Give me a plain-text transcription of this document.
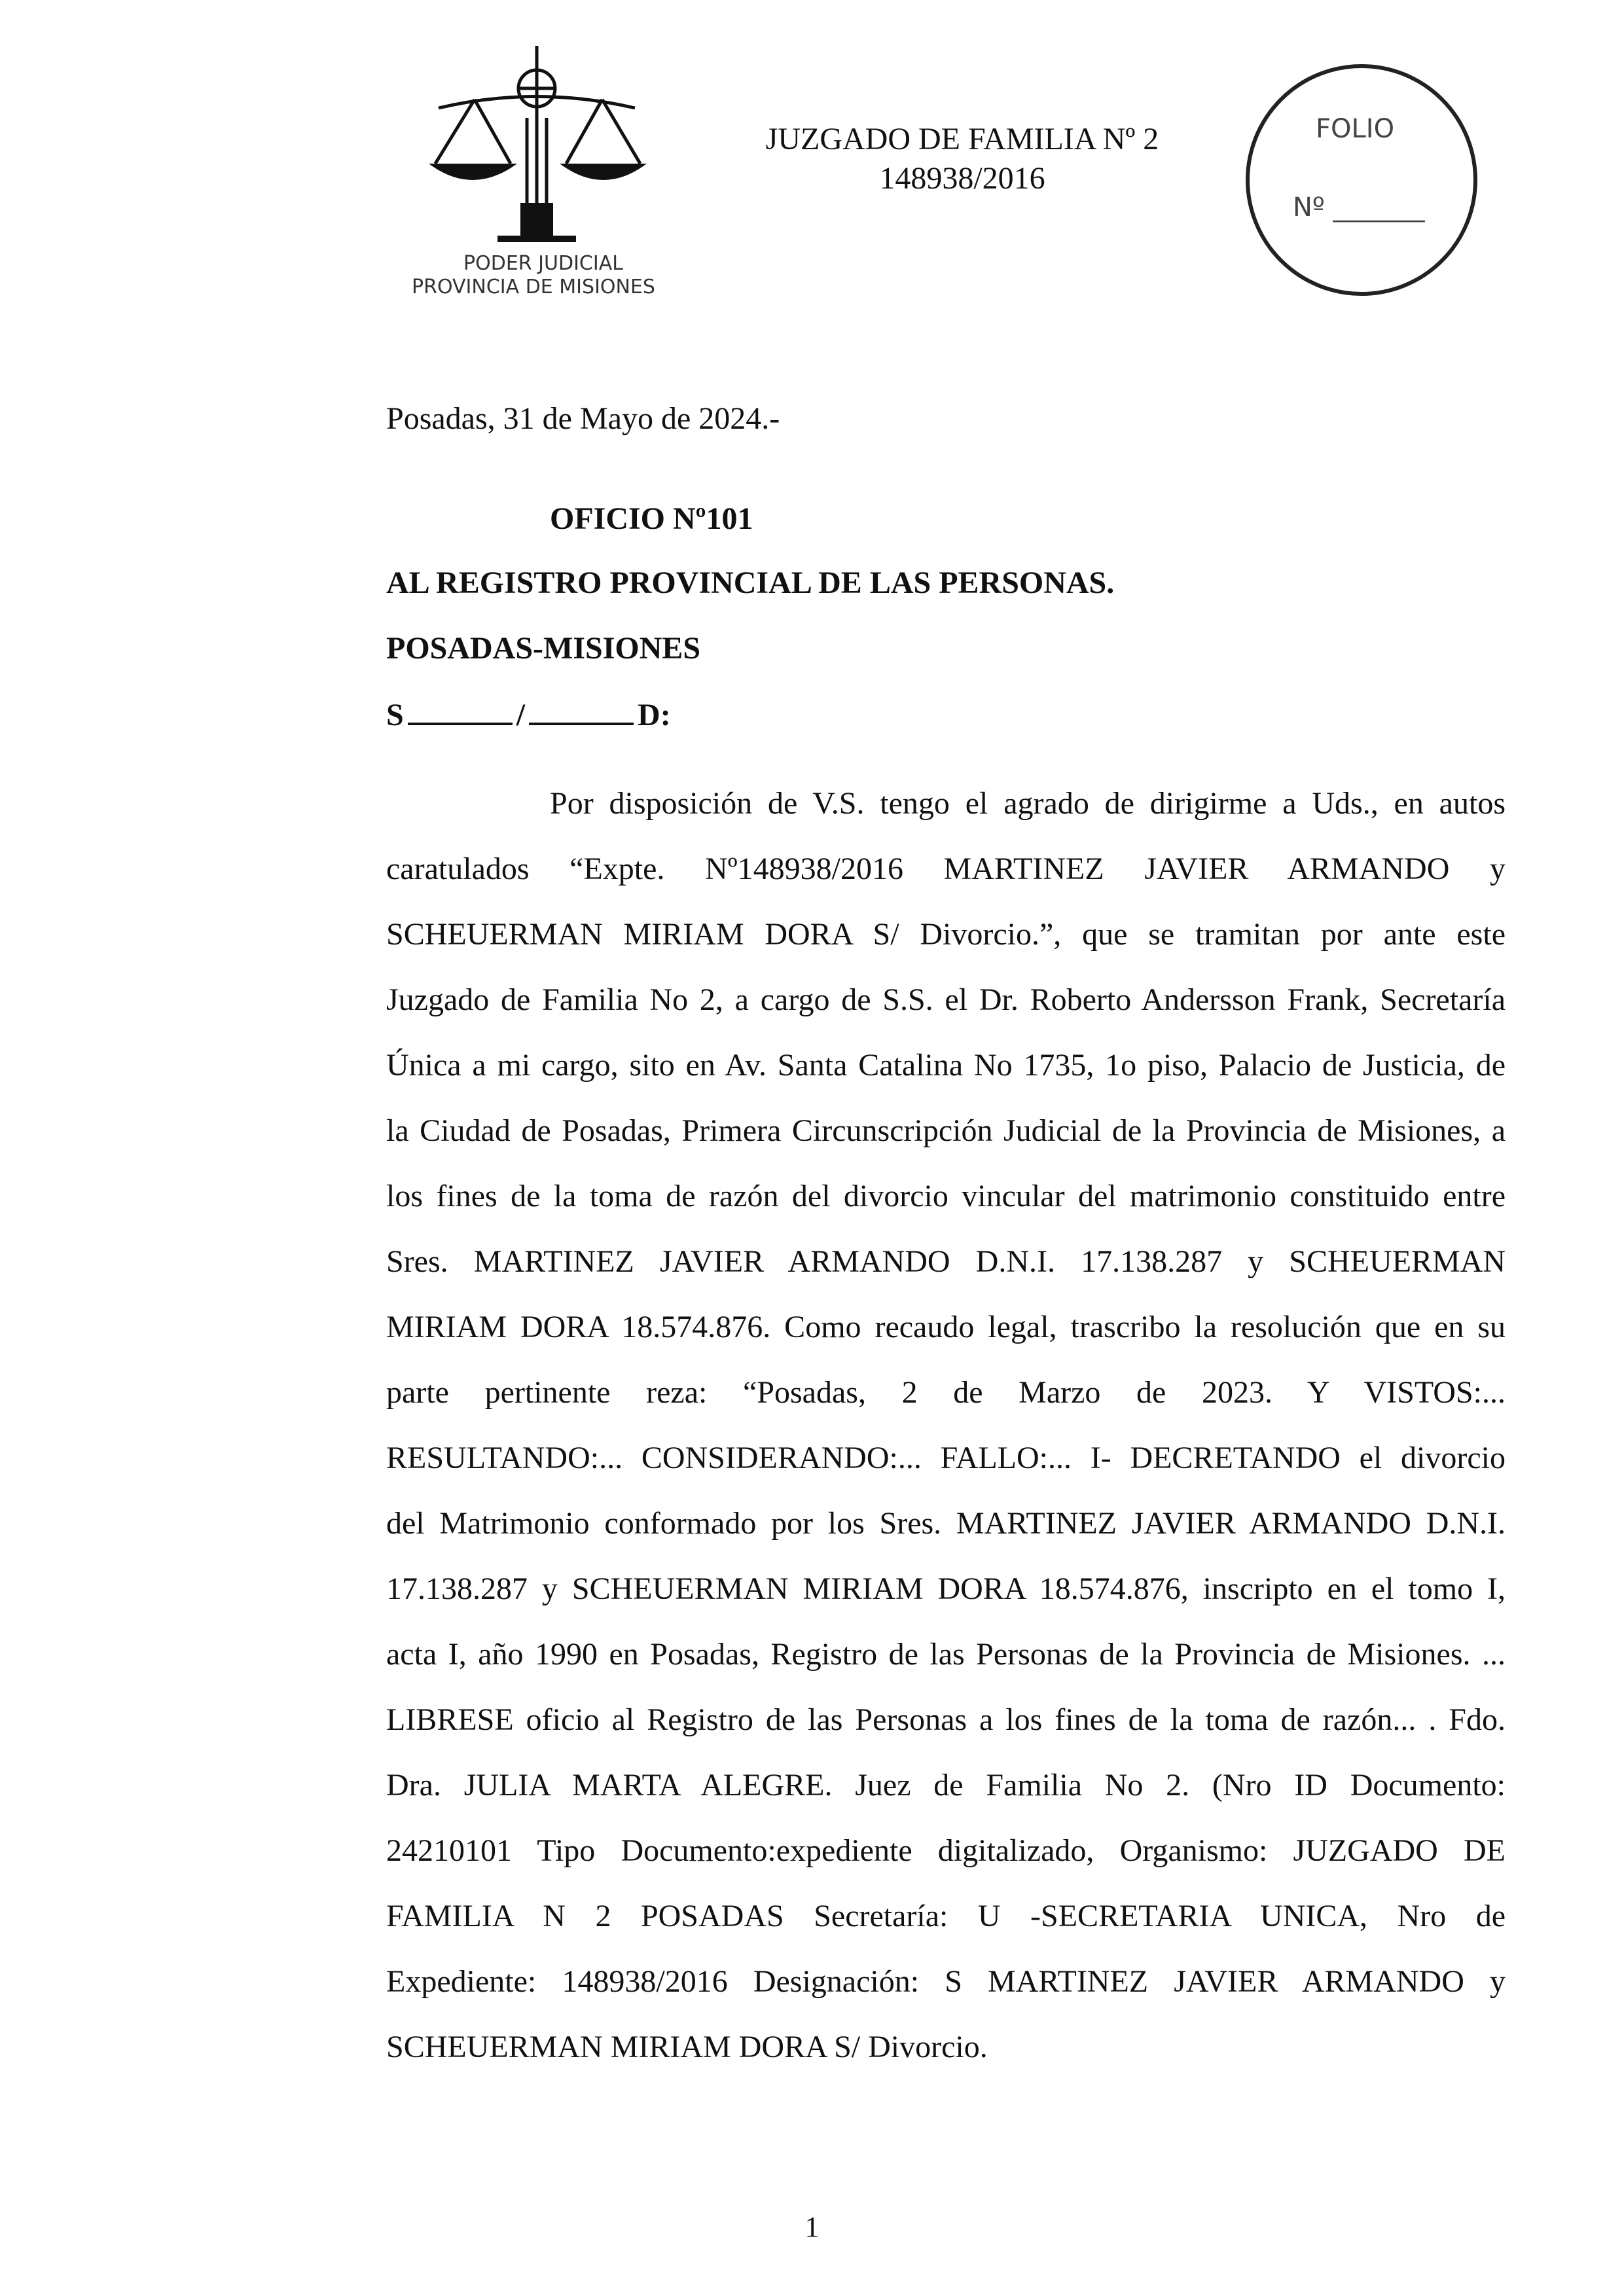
PODER JUDICIAL
PROVINCIA DE MISIONES
JUZGADO DE FAMILIA Nº 2
148938/2016
FOLIO
Nº _______
Posadas, 31 de Mayo de 2024.-
OFICIO Nº101
AL REGISTRO PROVINCIAL DE LAS PERSONAS.
POSADAS-MISIONES
S	/	D:
Por disposición de V.S. tengo el agrado de dirigirme a Uds., en autos
caratulados “Expte. Nº148938/2016 MARTINEZ JAVIER ARMANDO y
SCHEUERMAN MIRIAM DORA S/ Divorcio.”, que se tramitan por ante este
Juzgado de Familia No 2, a cargo de S.S. el Dr. Roberto Andersson Frank, Secretaría
Única a mi cargo, sito en Av. Santa Catalina No 1735, 1o piso, Palacio de Justicia, de
la Ciudad de Posadas, Primera Circunscripción Judicial de la Provincia de Misiones, a
los fines de la toma de razón del divorcio vincular del matrimonio constituido entre
Sres. MARTINEZ JAVIER ARMANDO D.N.I. 17.138.287 y SCHEUERMAN
MIRIAM DORA 18.574.876. Como recaudo legal, trascribo la resolución que en su
parte pertinente reza: “Posadas, 2 de Marzo de 2023. Y VISTOS:...
RESULTANDO:... CONSIDERANDO:... FALLO:... I- DECRETANDO el divorcio
del Matrimonio conformado por los Sres. MARTINEZ JAVIER ARMANDO D.N.I.
17.138.287 y SCHEUERMAN MIRIAM DORA 18.574.876, inscripto en el tomo I,
acta I, año 1990 en Posadas, Registro de las Personas de la Provincia de Misiones. ...
LIBRESE oficio al Registro de las Personas a los fines de la toma de razón... . Fdo.
Dra. JULIA MARTA ALEGRE. Juez de Familia No 2. (Nro ID Documento:
24210101 Tipo Documento:expediente digitalizado, Organismo: JUZGADO DE
FAMILIA N 2 POSADAS Secretaría: U -SECRETARIA UNICA, Nro de
Expediente: 148938/2016 Designación: S MARTINEZ JAVIER ARMANDO y
SCHEUERMAN MIRIAM DORA S/ Divorcio.
1
